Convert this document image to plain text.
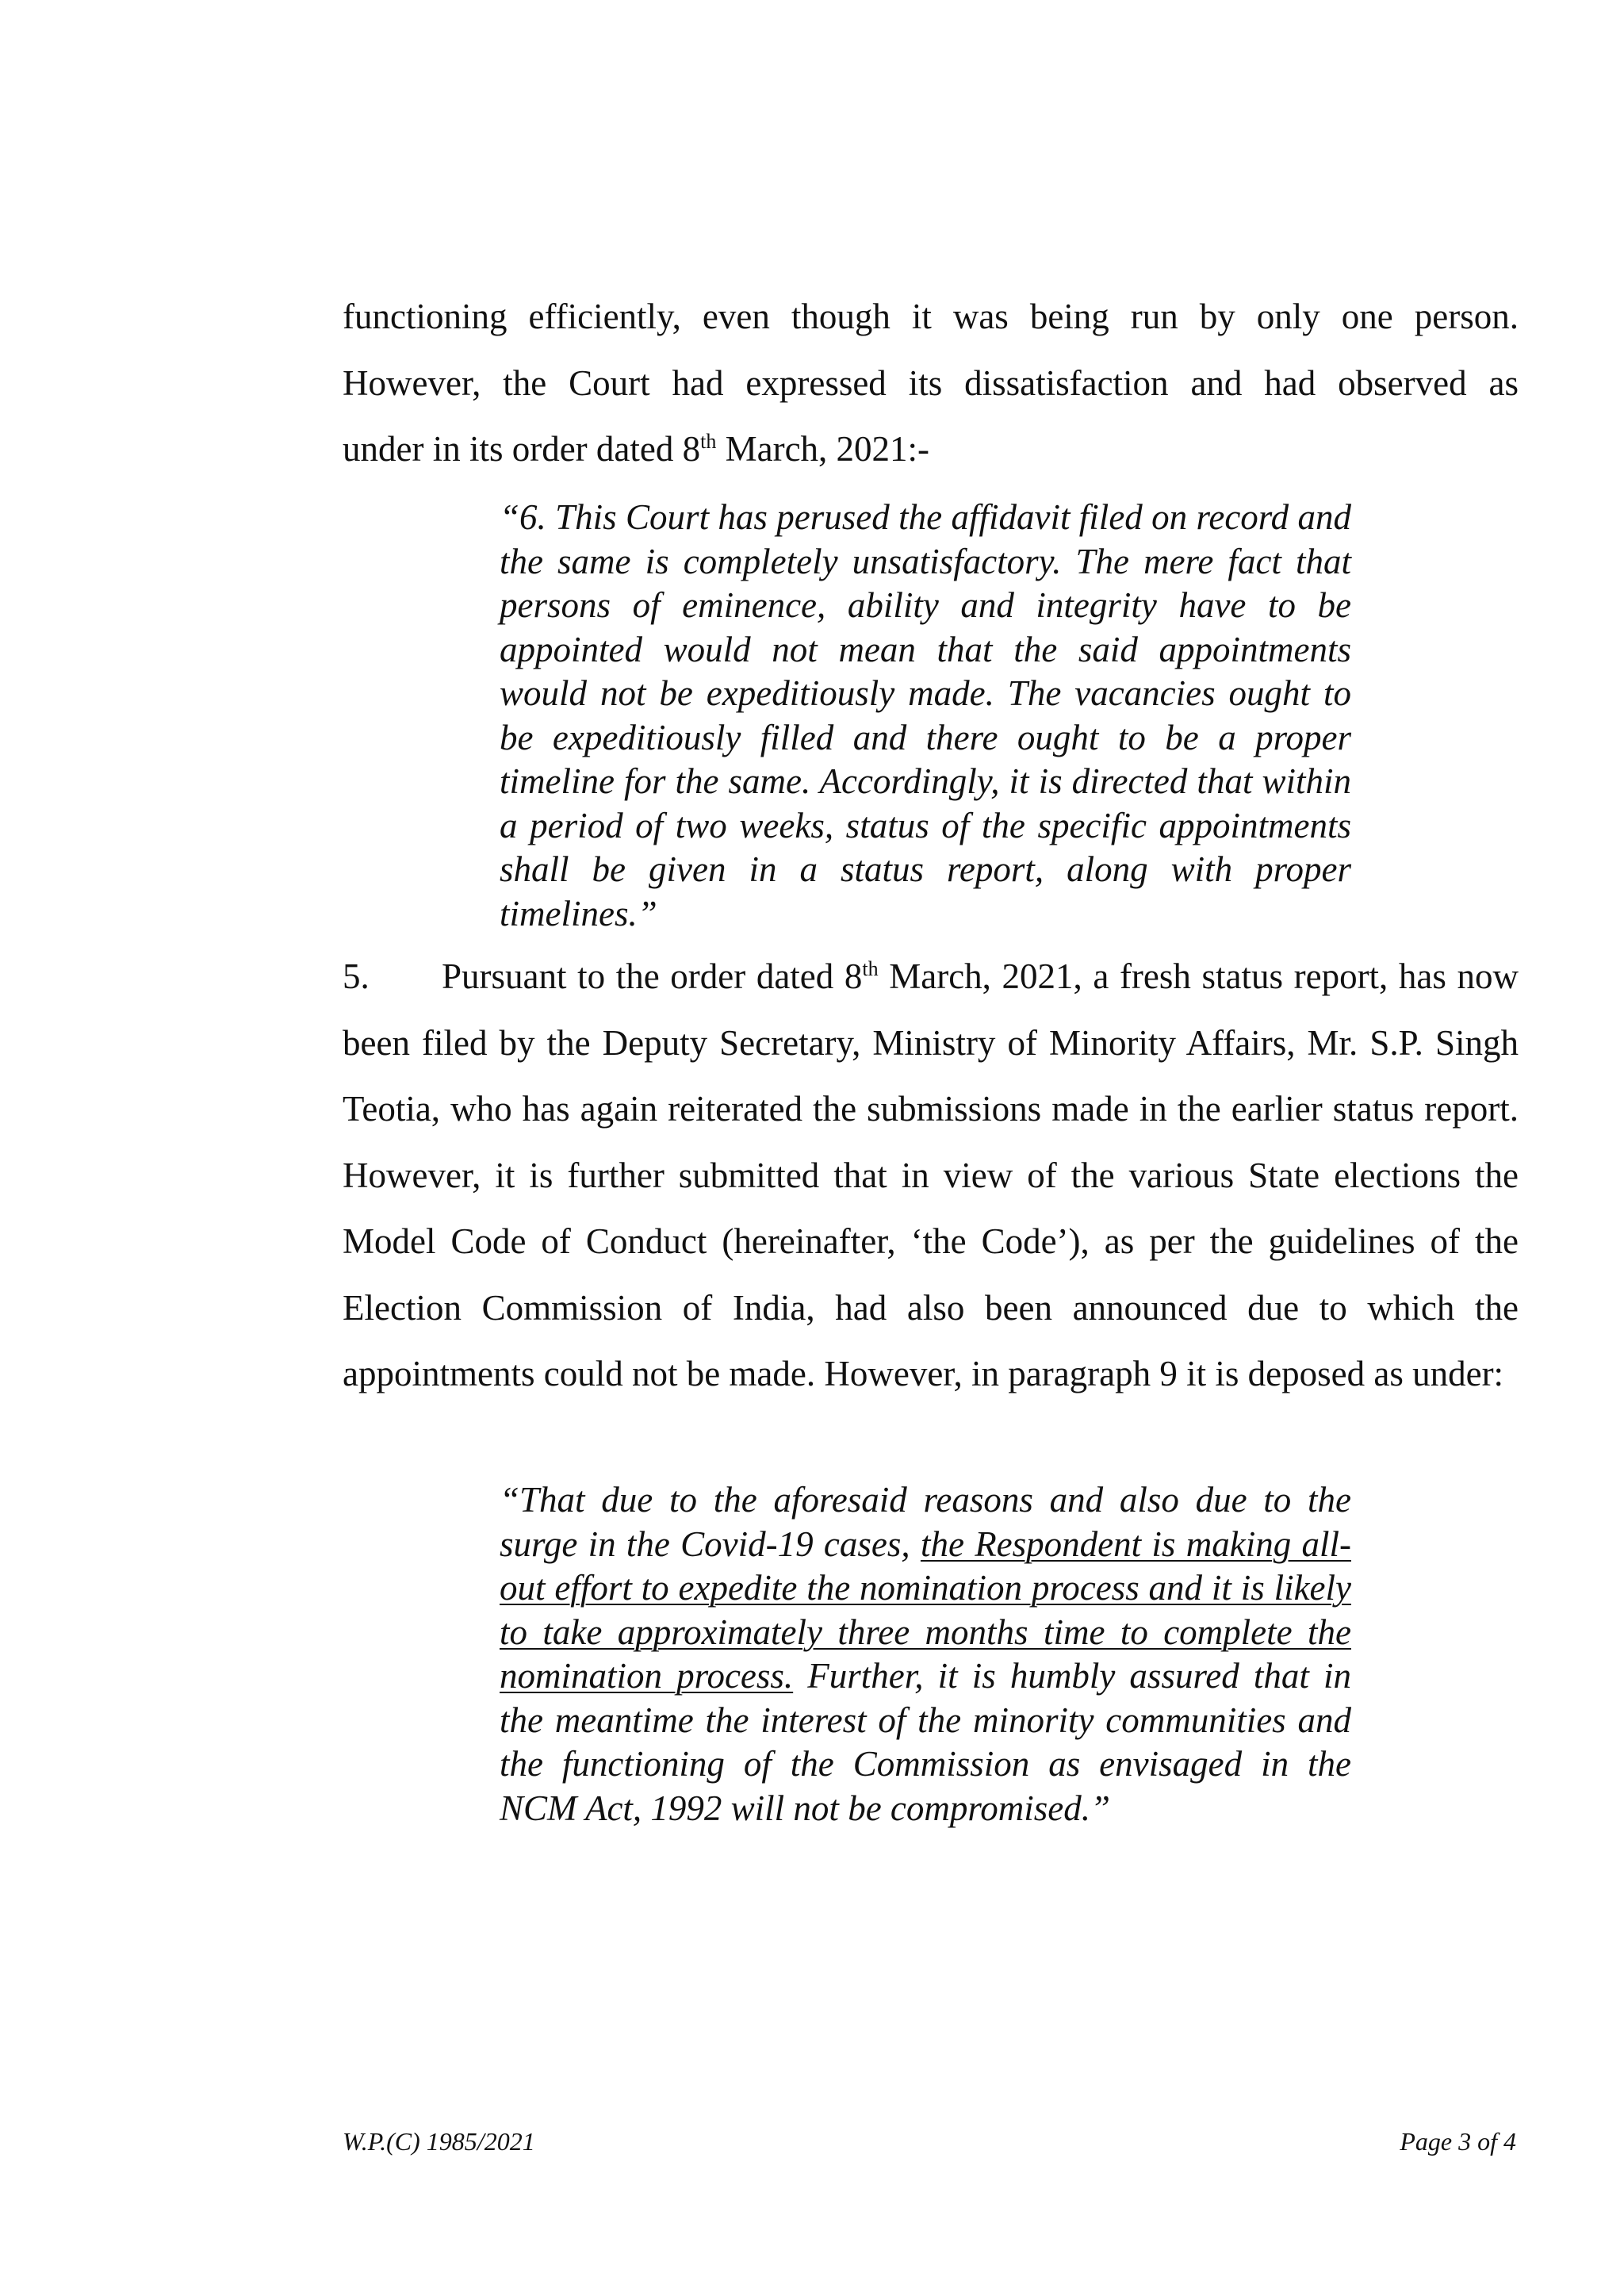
functioning efficiently, even though it was being run by only one person.

However, the Court had expressed its dissatisfaction and had observed as

under in its order dated 8th March, 2021:-

“6. This Court has perused the affidavit filed on record and the same is completely unsatisfactory. The mere fact that persons of eminence, ability and integrity have to be appointed would not mean that the said appointments would not be expeditiously made. The vacancies ought to be expeditiously filled and there ought to be a proper timeline for the same. Accordingly, it is directed that within a period of two weeks, status of the specific appointments shall be given in a status report, along with proper timelines.”

5. Pursuant to the order dated 8th March, 2021, a fresh status report, has now been filed by the Deputy Secretary, Ministry of Minority Affairs, Mr. S.P. Singh Teotia, who has again reiterated the submissions made in the earlier status report. However, it is further submitted that in view of the various State elections the Model Code of Conduct (hereinafter, ‘the Code’), as per the guidelines of the Election Commission of India, had also been announced due to which the appointments could not be made. However, in paragraph 9 it is deposed as under:

“That due to the aforesaid reasons and also due to the surge in the Covid-19 cases, the Respondent is making all-out effort to expedite the nomination process and it is likely to take approximately three months time to complete the nomination process. Further, it is humbly assured that in the meantime the interest of the minority communities and the functioning of the Commission as envisaged in the NCM Act, 1992 will not be compromised.”

W.P.(C) 1985/2021	Page 3 of 4
